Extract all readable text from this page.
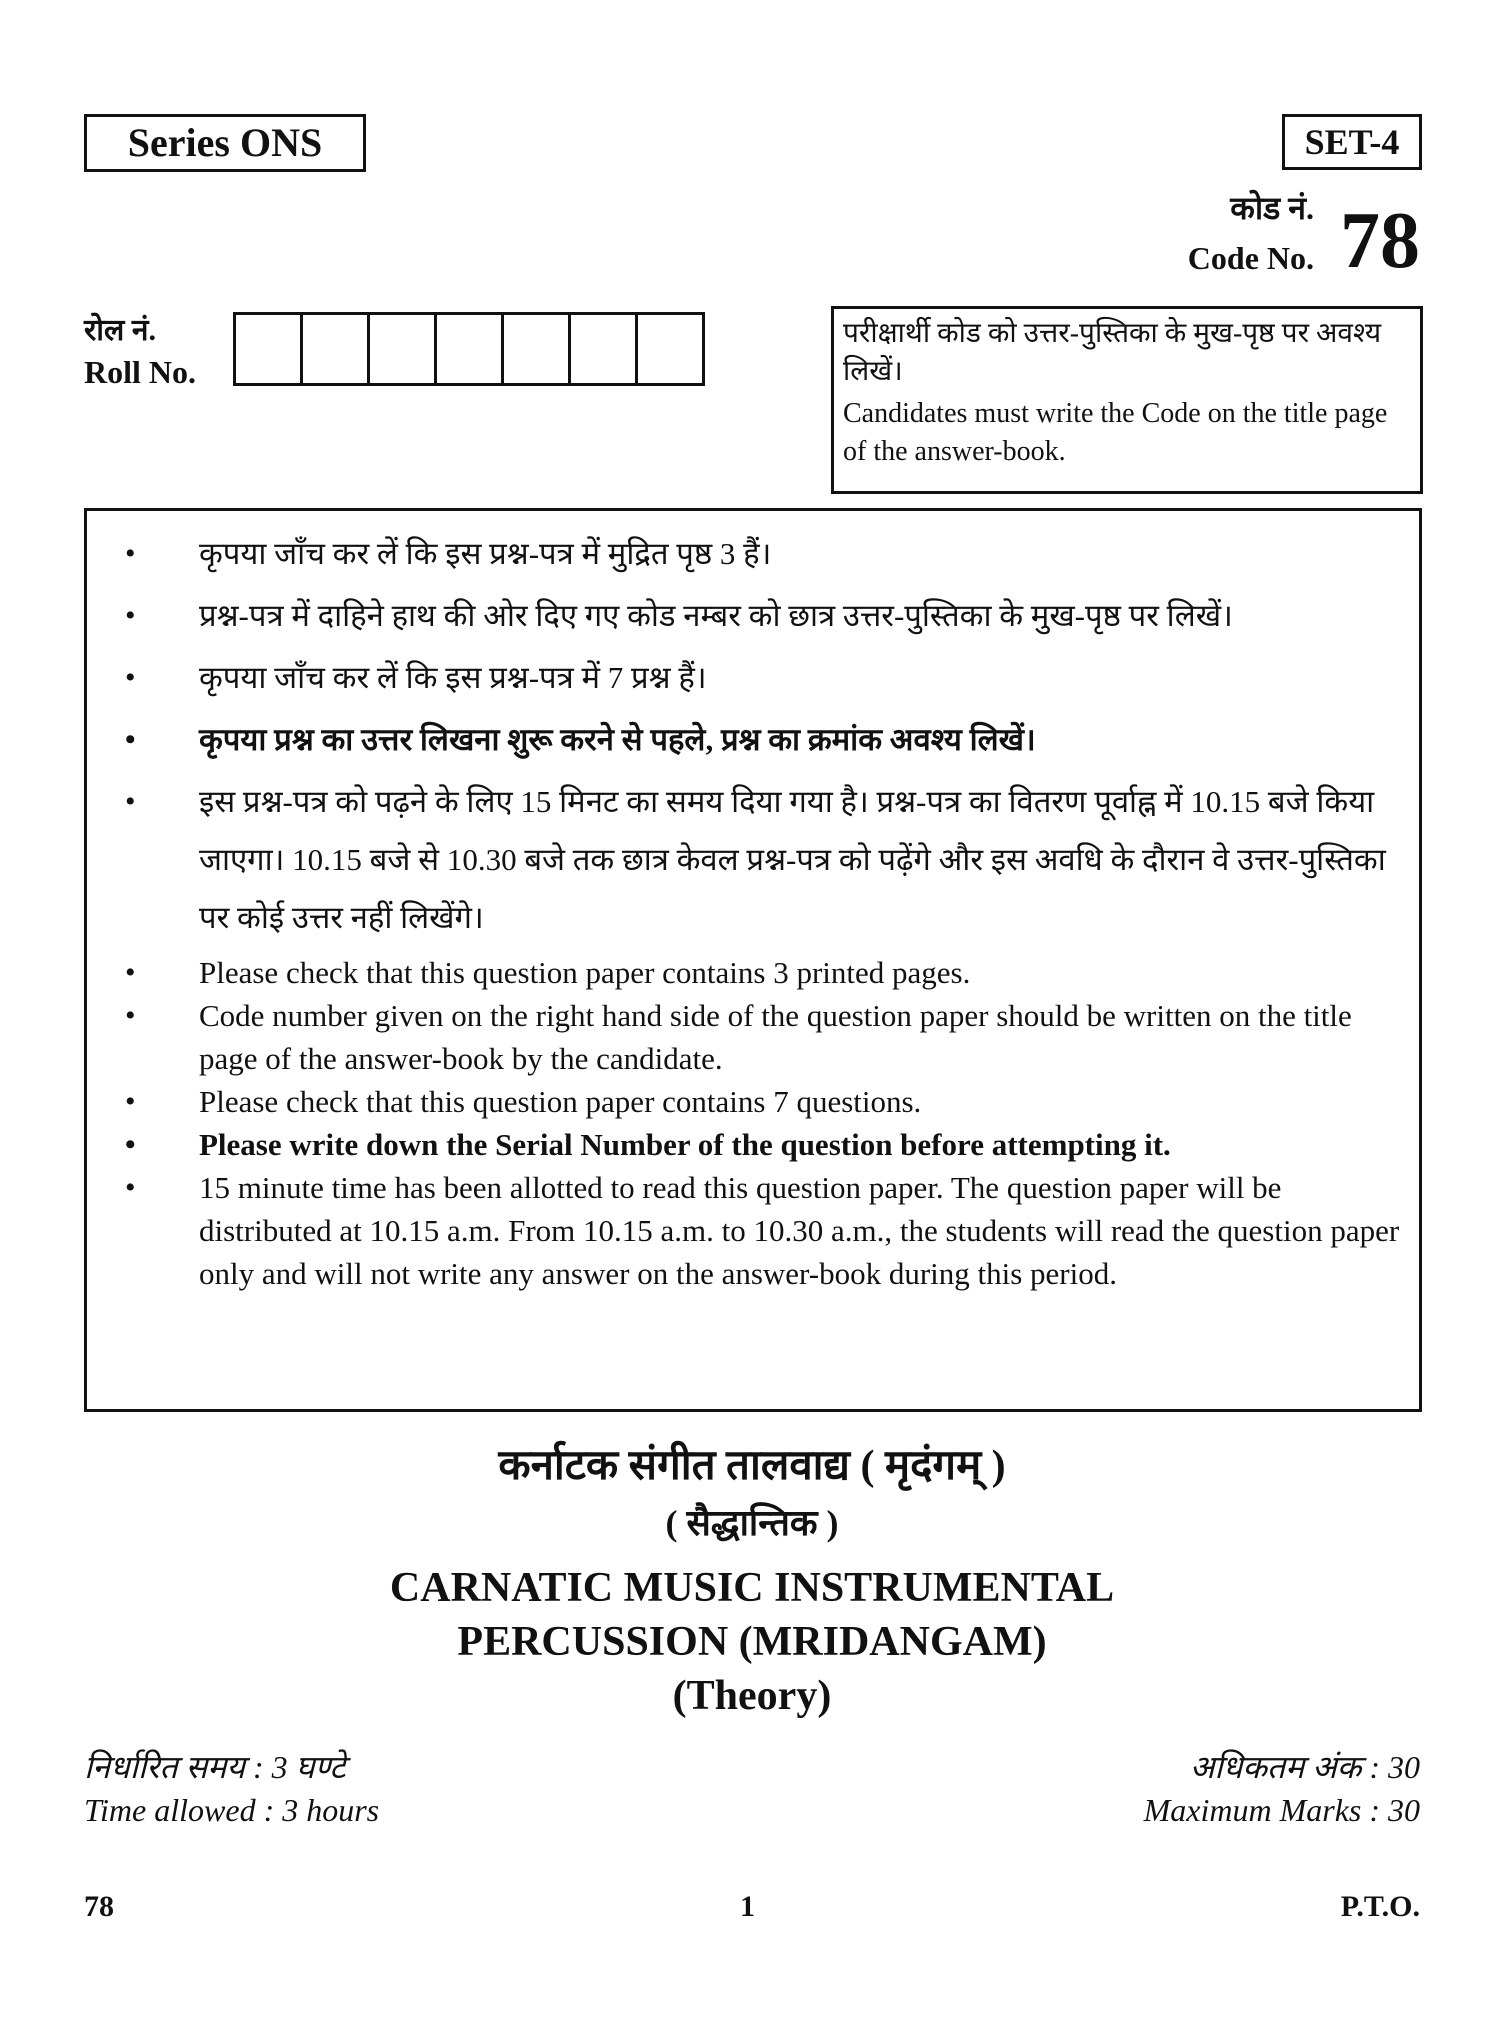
Series ONS	SET-4
कोड नं.
Code No. 78
रोल नं.
Roll No.

परीक्षार्थी कोड को उत्तर-पुस्तिका के मुख-पृष्ठ पर अवश्य लिखें।

Candidates must write the Code on the title page of the answer-book.

• कृपया जाँच कर लें कि इस प्रश्न-पत्र में मुद्रित पृष्ठ 3 हैं।
• प्रश्न-पत्र में दाहिने हाथ की ओर दिए गए कोड नम्बर को छात्र उत्तर-पुस्तिका के मुख-पृष्ठ पर लिखें।
• कृपया जाँच कर लें कि इस प्रश्न-पत्र में 7 प्रश्न हैं।
• कृपया प्रश्न का उत्तर लिखना शुरू करने से पहले, प्रश्न का क्रमांक अवश्य लिखें।
• इस प्रश्न-पत्र को पढ़ने के लिए 15 मिनट का समय दिया गया है। प्रश्न-पत्र का वितरण पूर्वाह्न में 10.15 बजे किया जाएगा। 10.15 बजे से 10.30 बजे तक छात्र केवल प्रश्न-पत्र को पढ़ेंगे और इस अवधि के दौरान वे उत्तर-पुस्तिका पर कोई उत्तर नहीं लिखेंगे।
• Please check that this question paper contains 3 printed pages.
• Code number given on the right hand side of the question paper should be written on the title page of the answer-book by the candidate.
• Please check that this question paper contains 7 questions.
• Please write down the Serial Number of the question before attempting it.
• 15 minute time has been allotted to read this question paper. The question paper will be distributed at 10.15 a.m. From 10.15 a.m. to 10.30 a.m., the students will read the question paper only and will not write any answer on the answer-book during this period.
कर्नाटक संगीत तालवाद्य ( मृदंगम् )
( सैद्धान्तिक )
CARNATIC MUSIC INSTRUMENTAL
PERCUSSION (MRIDANGAM)
(Theory)
निर्धारित समय : 3 घण्टे
Time allowed : 3 hours
अधिकतम अंक : 30
Maximum Marks : 30
78	1	P.T.O.
